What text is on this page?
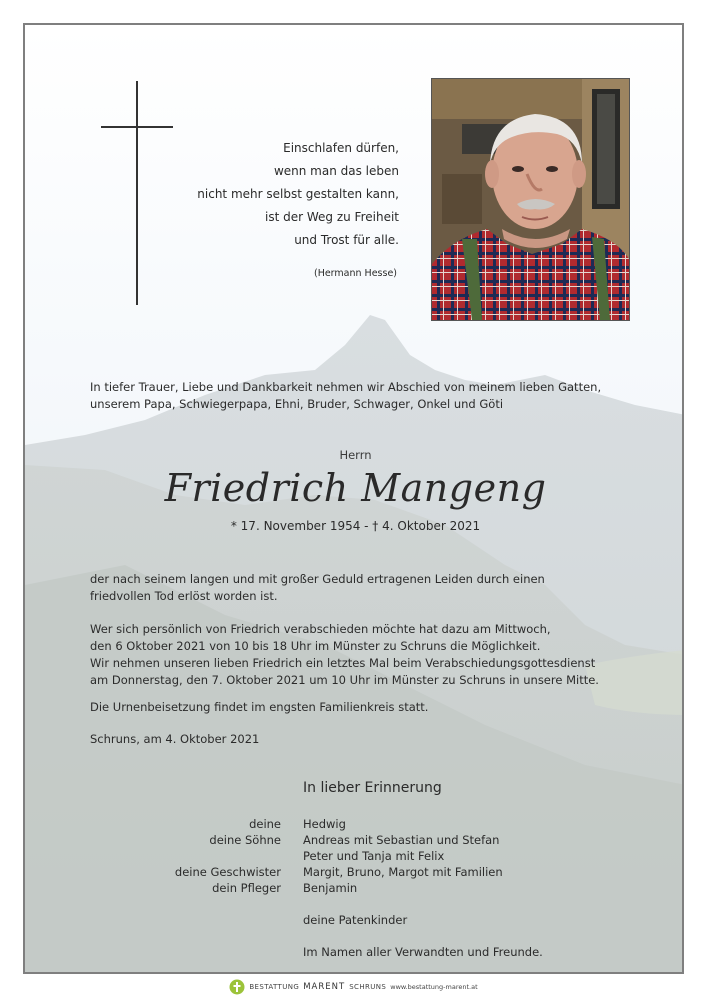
Einschlafen dürfen,
wenn man das leben
nicht mehr selbst gestalten kann,
ist der Weg zu Freiheit
und Trost für alle.
(Hermann Hesse)
In tiefer Trauer, Liebe und Dankbarkeit nehmen wir Abschied von meinem lieben Gatten, unserem Papa, Schwiegerpapa, Ehni, Bruder, Schwager, Onkel und Göti
Herrn
Friedrich Mangeng
* 17. November 1954 - † 4. Oktober 2021
der nach seinem langen und mit großer Geduld ertragenen Leiden durch einen
friedvollen Tod erlöst worden ist.
Wer sich persönlich von Friedrich verabschieden möchte hat dazu am Mittwoch,
den 6 Oktober 2021 von 10 bis 18 Uhr im Münster zu Schruns die Möglichkeit.
Wir nehmen unseren lieben Friedrich ein letztes Mal beim Verabschiedungsgottesdienst
am Donnerstag, den 7. Oktober 2021 um 10 Uhr im Münster zu Schruns in unsere Mitte.
Die Urnenbeisetzung findet im engsten Familienkreis statt.
Schruns, am 4. Oktober 2021
In lieber Erinnerung
deine
deine Söhne
deine Geschwister
dein Pfleger
Hedwig
Andreas mit Sebastian und Stefan
Peter und Tanja mit Felix
Margit, Bruno, Margot mit Familien
Benjamin
deine Patenkinder
Im Namen aller Verwandten und Freunde.
BESTATTUNG MARENT SCHRUNS www.bestattung-marent.at
